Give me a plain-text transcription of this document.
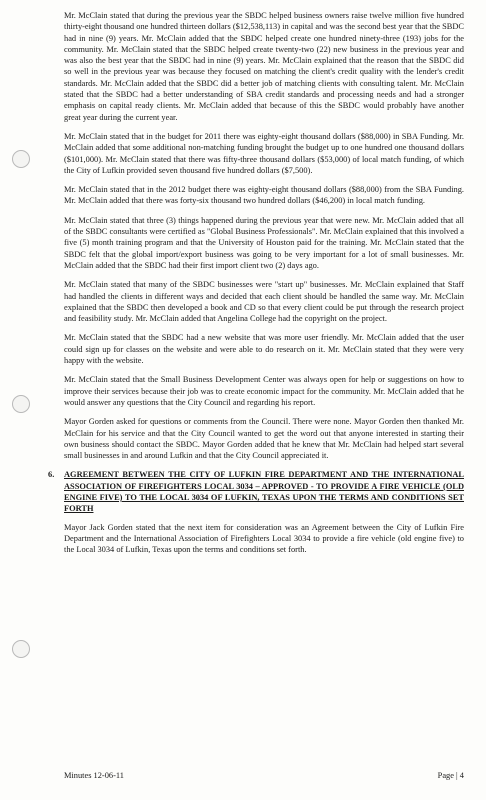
Mr. McClain stated that during the previous year the SBDC helped business owners raise twelve million five hundred thirty-eight thousand one hundred thirteen dollars ($12,538,113) in capital and was the second best year that the SBDC had in nine (9) years. Mr. McClain added that the SBDC helped create one hundred ninety-three (193) jobs for the community. Mr. McClain stated that the SBDC helped create twenty-two (22) new business in the previous year and was also the best year that the SBDC had in nine (9) years. Mr. McClain explained that the reason that the SBDC did so well in the previous year was because they focused on matching the client's credit quality with the lender's credit standards. Mr. McClain added that the SBDC did a better job of matching clients with consulting talent. Mr. McClain stated that the SBDC had a better understanding of SBA credit standards and processing needs and had a stronger emphasis on capital ready clients. Mr. McClain added that because of this the SBDC would probably have another great year during the current year.

Mr. McClain stated that in the budget for 2011 there was eighty-eight thousand dollars ($88,000) in SBA Funding. Mr. McClain added that some additional non-matching funding brought the budget up to one hundred one thousand dollars ($101,000). Mr. McClain stated that there was fifty-three thousand dollars ($53,000) of local match funding, of which the City of Lufkin provided seven thousand five hundred dollars ($7,500).

Mr. McClain stated that in the 2012 budget there was eighty-eight thousand dollars ($88,000) from the SBA Funding. Mr. McClain added that there was forty-six thousand two hundred dollars ($46,200) in local match funding.

Mr. McClain stated that three (3) things happened during the previous year that were new. Mr. McClain added that all of the SBDC consultants were certified as "Global Business Professionals". Mr. McClain explained that this involved a five (5) month training program and that the University of Houston paid for the training. Mr. McClain stated that the SBDC felt that the global import/export business was going to be very important for a lot of small businesses. Mr. McClain added that the SBDC had their first import client two (2) days ago.

Mr. McClain stated that many of the SBDC businesses were "start up" businesses. Mr. McClain explained that Staff had handled the clients in different ways and decided that each client should be handled the same way. Mr. McClain explained that the SBDC then developed a book and CD so that every client could be put through the research project and feasibility study. Mr. McClain added that Angelina College had the copyright on the project.

Mr. McClain stated that the SBDC had a new website that was more user friendly. Mr. McClain added that the user could sign up for classes on the website and were able to do research on it. Mr. McClain stated that they were very happy with the website.

Mr. McClain stated that the Small Business Development Center was always open for help or suggestions on how to improve their services because their job was to create economic impact for the community. Mr. McClain added that he would answer any questions that the City Council and regarding his report.

Mayor Gorden asked for questions or comments from the Council. There were none. Mayor Gorden then thanked Mr. McClain for his service and that the City Council wanted to get the word out that anyone interested in starting their own business should contact the SBDC. Mayor Gorden added that he knew that Mr. McClain had helped start several small businesses in and around Lufkin and that the City Council appreciated it.

6. AGREEMENT BETWEEN THE CITY OF LUFKIN FIRE DEPARTMENT AND THE INTERNATIONAL ASSOCIATION OF FIREFIGHTERS LOCAL 3034 – APPROVED - TO PROVIDE A FIRE VEHICLE (OLD ENGINE FIVE) TO THE LOCAL 3034 OF LUFKIN, TEXAS UPON THE TERMS AND CONDITIONS SET FORTH

Mayor Jack Gorden stated that the next item for consideration was an Agreement between the City of Lufkin Fire Department and the International Association of Firefighters Local 3034 to provide a fire vehicle (old engine five) to the Local 3034 of Lufkin, Texas upon the terms and conditions set forth.

Minutes 12-06-11	Page | 4
